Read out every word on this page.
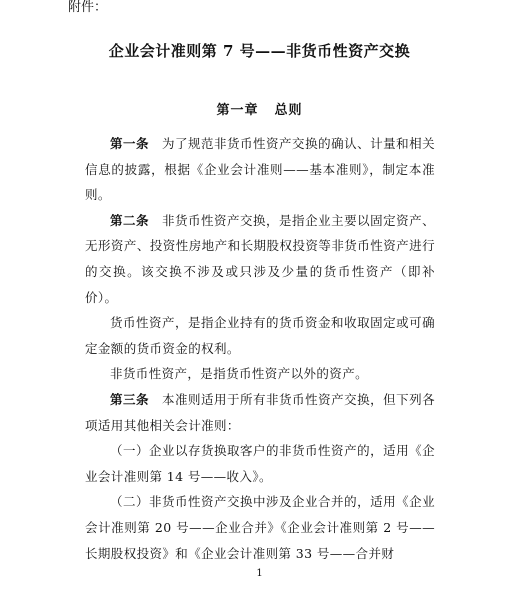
附件：
企业会计准则第 7 号——非货币性资产交换
第一章 总则

第一条  为了规范非货币性资产交换的确认、计量和相关信息的披露，根据《企业会计准则——基本准则》，制定本准则。

第二条  非货币性资产交换，是指企业主要以固定资产、无形资产、投资性房地产和长期股权投资等非货币性资产进行的交换。该交换不涉及或只涉及少量的货币性资产（即补价）。

货币性资产，是指企业持有的货币资金和收取固定或可确定金额的货币资金的权利。

非货币性资产，是指货币性资产以外的资产。

第三条  本准则适用于所有非货币性资产交换，但下列各项适用其他相关会计准则：

（一）企业以存货换取客户的非货币性资产的，适用《企业会计准则第 14 号——收入》。

（二）非货币性资产交换中涉及企业合并的，适用《企业会计准则第 20 号——企业合并》《企业会计准则第 2 号——长期股权投资》和《企业会计准则第 33 号——合并财

1
